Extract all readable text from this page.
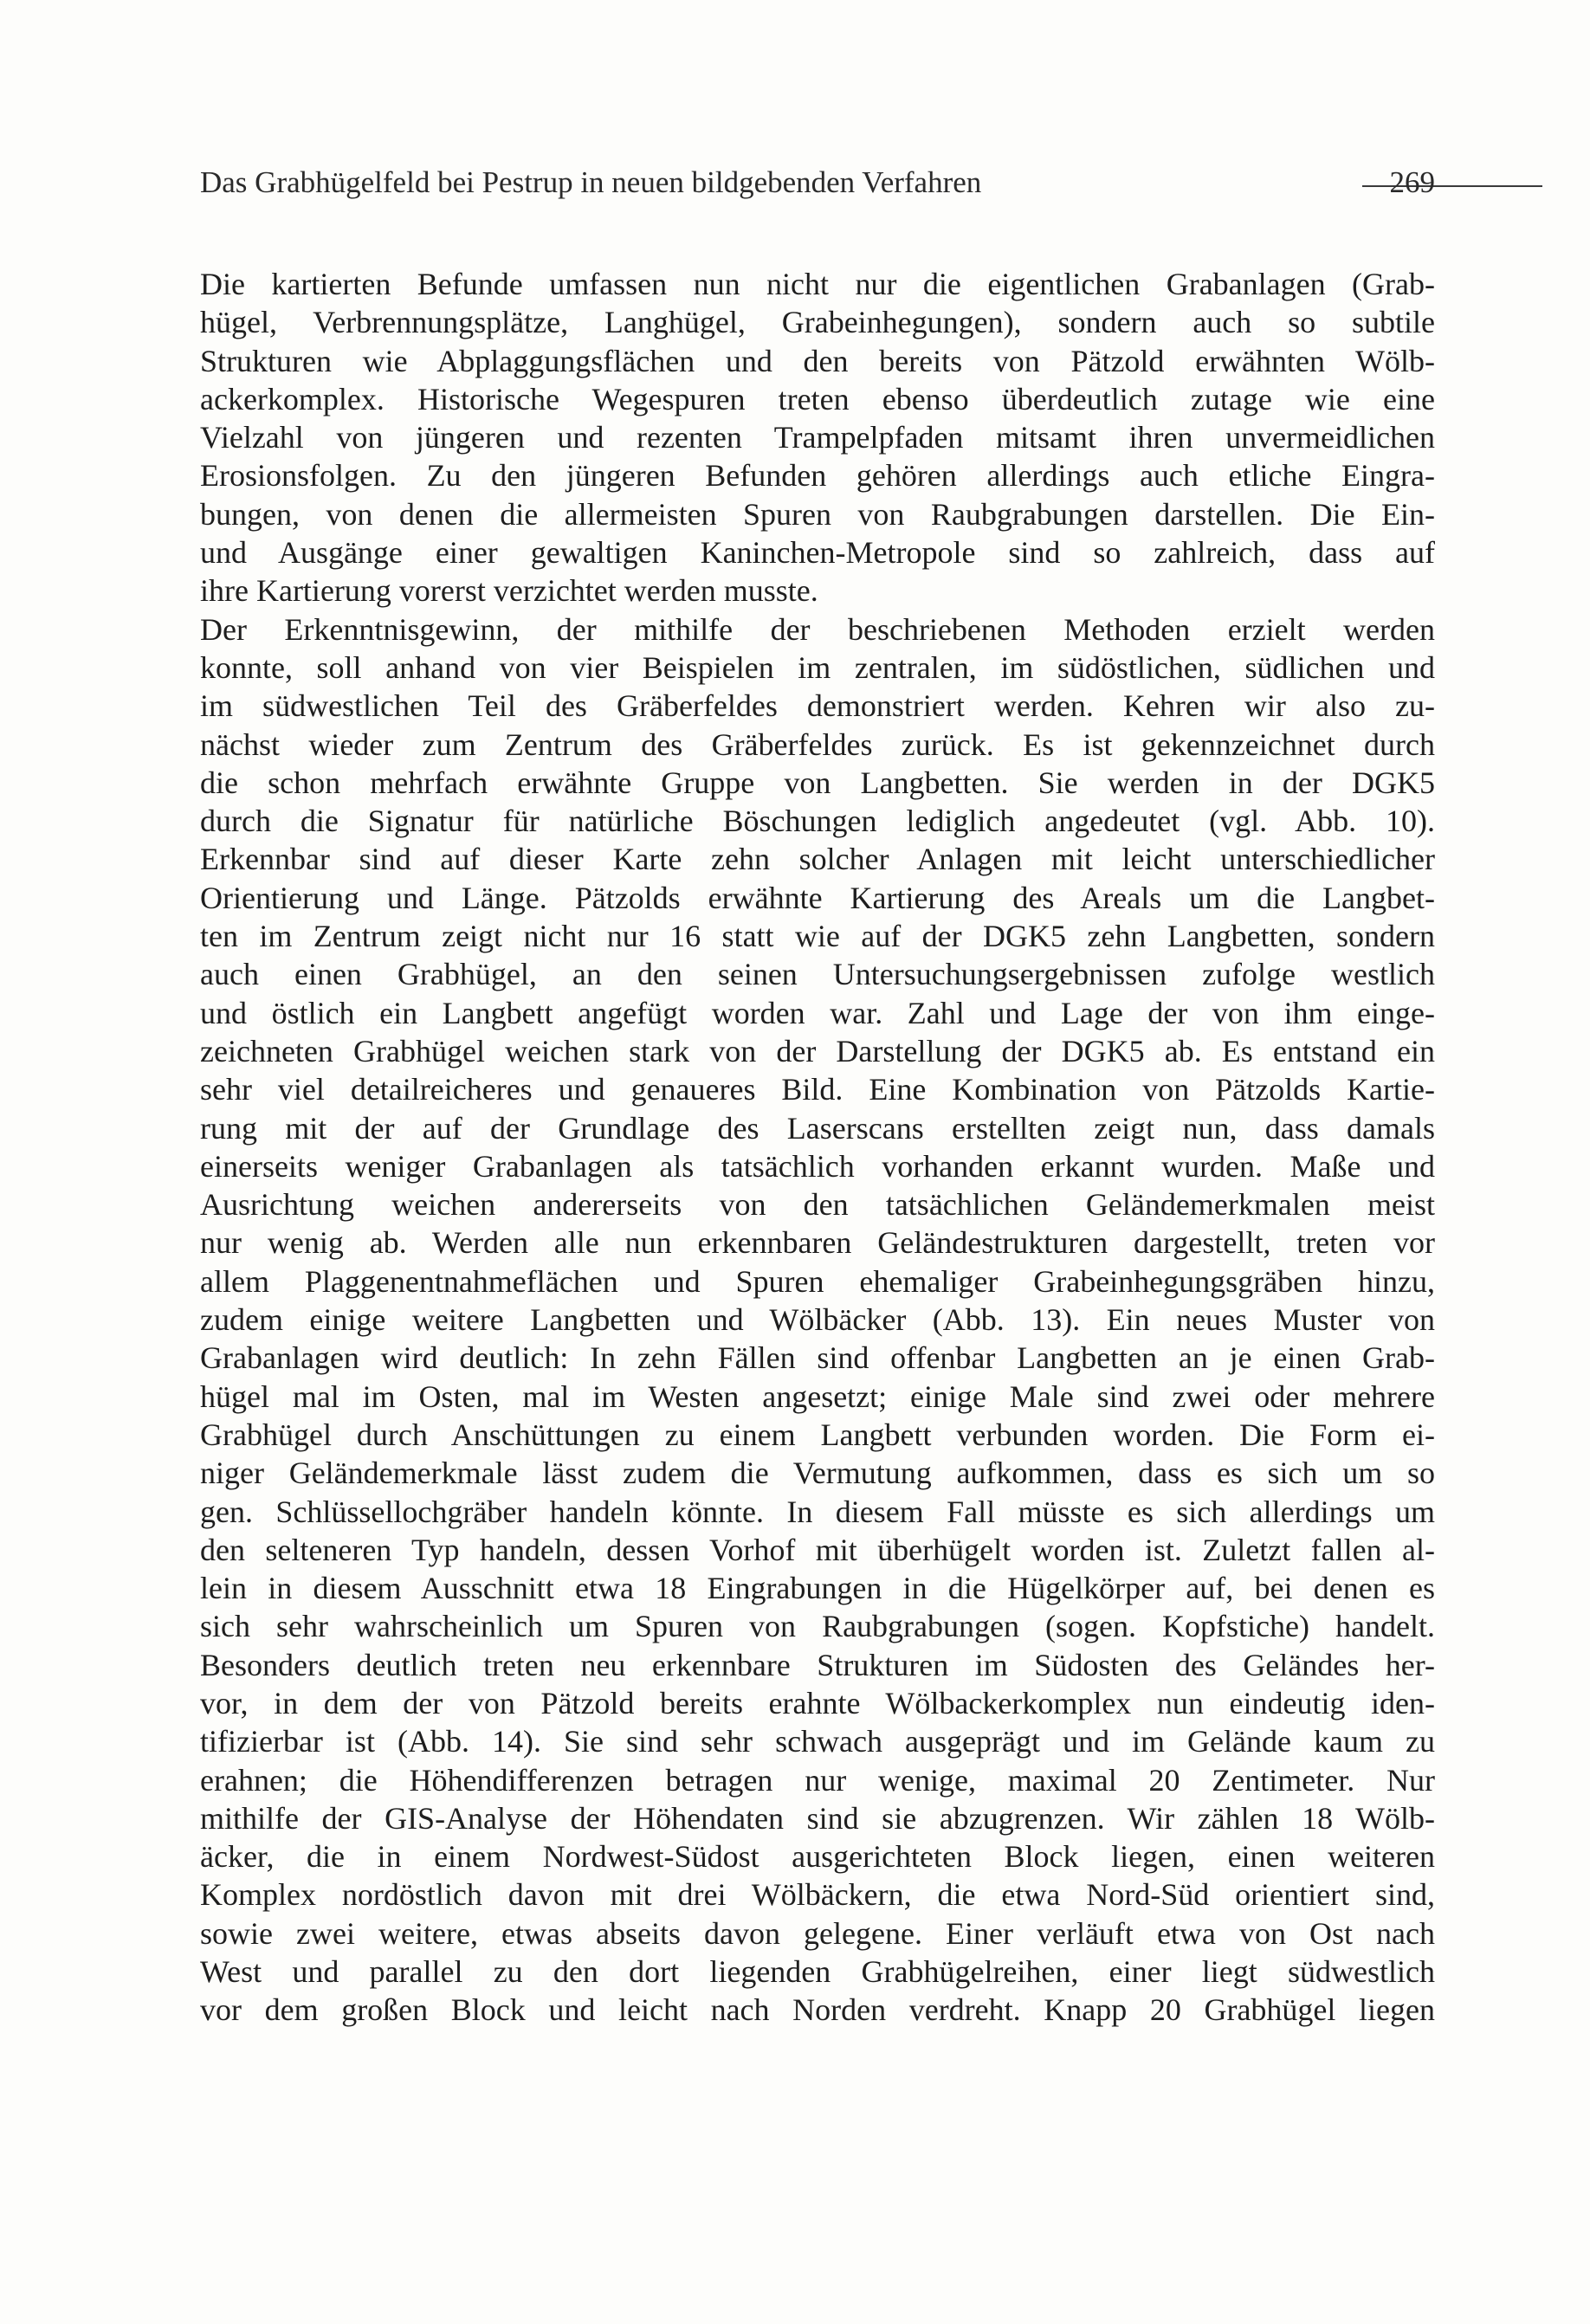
Das Grabhügelfeld bei Pestrup in neuen bildgebenden Verfahren	269
Die kartierten Befunde umfassen nun nicht nur die eigentlichen Grabanlagen (Grab-
hügel, Verbrennungsplätze, Langhügel, Grabeinhegungen), sondern auch so subtile
Strukturen wie Abplaggungsflächen und den bereits von Pätzold erwähnten Wölb-
ackerkomplex. Historische Wegespuren treten ebenso überdeutlich zutage wie eine
Vielzahl von jüngeren und rezenten Trampelpfaden mitsamt ihren unvermeidlichen
Erosionsfolgen. Zu den jüngeren Befunden gehören allerdings auch etliche Eingra-
bungen, von denen die allermeisten Spuren von Raubgrabungen darstellen. Die Ein-
und Ausgänge einer gewaltigen Kaninchen-Metropole sind so zahlreich, dass auf
ihre Kartierung vorerst verzichtet werden musste.
Der Erkenntnisgewinn, der mithilfe der beschriebenen Methoden erzielt werden
konnte, soll anhand von vier Beispielen im zentralen, im südöstlichen, südlichen und
im südwestlichen Teil des Gräberfeldes demonstriert werden. Kehren wir also zu-
nächst wieder zum Zentrum des Gräberfeldes zurück. Es ist gekennzeichnet durch
die schon mehrfach erwähnte Gruppe von Langbetten. Sie werden in der DGK5
durch die Signatur für natürliche Böschungen lediglich angedeutet (vgl. Abb. 10).
Erkennbar sind auf dieser Karte zehn solcher Anlagen mit leicht unterschiedlicher
Orientierung und Länge. Pätzolds erwähnte Kartierung des Areals um die Langbet-
ten im Zentrum zeigt nicht nur 16 statt wie auf der DGK5 zehn Langbetten, sondern
auch einen Grabhügel, an den seinen Untersuchungsergebnissen zufolge westlich
und östlich ein Langbett angefügt worden war. Zahl und Lage der von ihm einge-
zeichneten Grabhügel weichen stark von der Darstellung der DGK5 ab. Es entstand ein
sehr viel detailreicheres und genaueres Bild. Eine Kombination von Pätzolds Kartie-
rung mit der auf der Grundlage des Laserscans erstellten zeigt nun, dass damals
einerseits weniger Grabanlagen als tatsächlich vorhanden erkannt wurden. Maße und
Ausrichtung weichen andererseits von den tatsächlichen Geländemerkmalen meist
nur wenig ab. Werden alle nun erkennbaren Geländestrukturen dargestellt, treten vor
allem Plaggenentnahmeflächen und Spuren ehemaliger Grabeinhegungsgräben hinzu,
zudem einige weitere Langbetten und Wölbäcker (Abb. 13). Ein neues Muster von
Grabanlagen wird deutlich: In zehn Fällen sind offenbar Langbetten an je einen Grab-
hügel mal im Osten, mal im Westen angesetzt; einige Male sind zwei oder mehrere
Grabhügel durch Anschüttungen zu einem Langbett verbunden worden. Die Form ei-
niger Geländemerkmale lässt zudem die Vermutung aufkommen, dass es sich um so
gen. Schlüssellochgräber handeln könnte. In diesem Fall müsste es sich allerdings um
den selteneren Typ handeln, dessen Vorhof mit überhügelt worden ist. Zuletzt fallen al-
lein in diesem Ausschnitt etwa 18 Eingrabungen in die Hügelkörper auf, bei denen es
sich sehr wahrscheinlich um Spuren von Raubgrabungen (sogen. Kopfstiche) handelt.
Besonders deutlich treten neu erkennbare Strukturen im Südosten des Geländes her-
vor, in dem der von Pätzold bereits erahnte Wölbackerkomplex nun eindeutig iden-
tifizierbar ist (Abb. 14). Sie sind sehr schwach ausgeprägt und im Gelände kaum zu
erahnen; die Höhendifferenzen betragen nur wenige, maximal 20 Zentimeter. Nur
mithilfe der GIS-Analyse der Höhendaten sind sie abzugrenzen. Wir zählen 18 Wölb-
äcker, die in einem Nordwest-Südost ausgerichteten Block liegen, einen weiteren
Komplex nordöstlich davon mit drei Wölbäckern, die etwa Nord-Süd orientiert sind,
sowie zwei weitere, etwas abseits davon gelegene. Einer verläuft etwa von Ost nach
West und parallel zu den dort liegenden Grabhügelreihen, einer liegt südwestlich
vor dem großen Block und leicht nach Norden verdreht. Knapp 20 Grabhügel liegen
